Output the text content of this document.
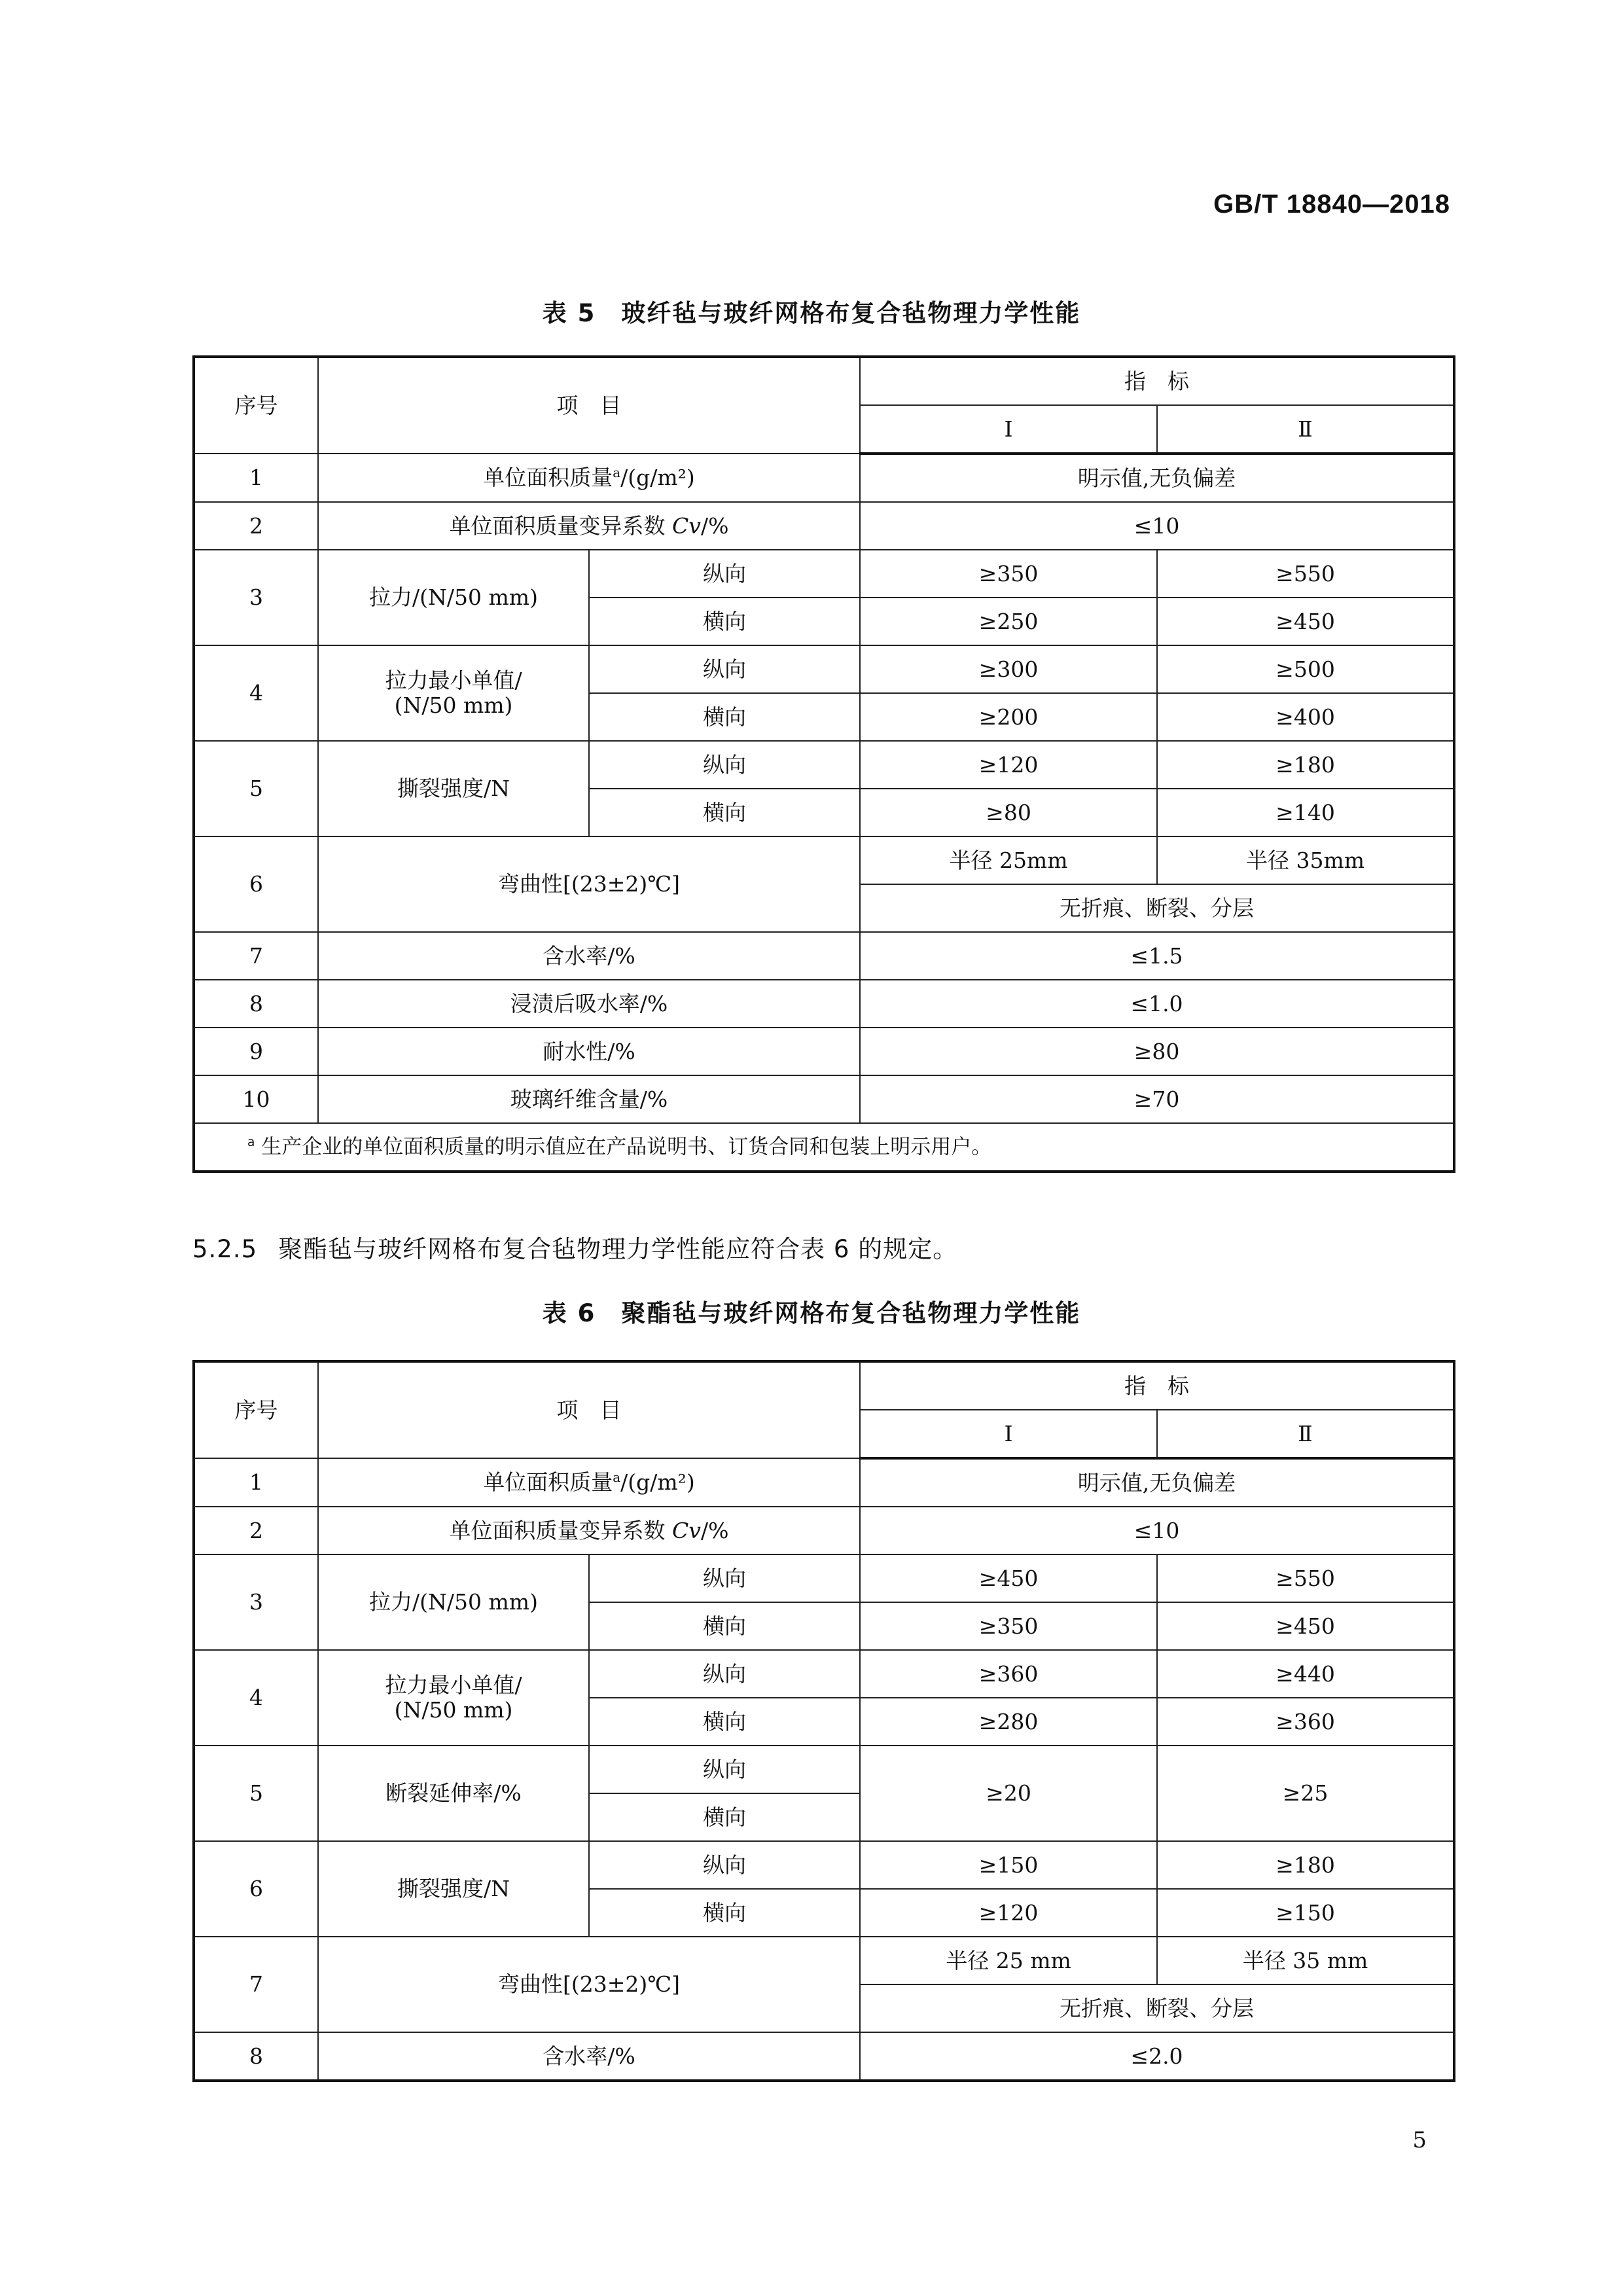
GB/T 18840—2018
表 5　玻纤毡与玻纤网格布复合毡物理力学性能
序号	项　目		指　标	
			Ⅰ	Ⅱ
1	单位面积质量$^a$/(g/m²)		明示值,无负偏差	
2	单位面积质量变异系数 Cv/%		≤10	
3	拉力/(N/50 mm)	纵向	≥350	≥550
		横向	≥250	≥450
4	拉力最小单值/
(N/50 mm)	纵向	≥300	≥500
		横向	≥200	≥400
5	撕裂强度/N	纵向	≥120	≥180
		横向	≥80	≥140
6	弯曲性[(23±2)℃]		半径 25mm	半径 35mm
			无折痕、断裂、分层	
7	含水率/%		≤1.5	
8	浸渍后吸水率/%		≤1.0	
9	耐水性/%		≥80	
10	玻璃纤维含量/%		≥70	
$^a$ 生产企业的单位面积质量的明示值应在产品说明书、订货合同和包装上明示用户。				
5.2.5 聚酯毡与玻纤网格布复合毡物理力学性能应符合表 6 的规定。
表 6　聚酯毡与玻纤网格布复合毡物理力学性能
序号	项　目		指　标	
			Ⅰ	Ⅱ
1	单位面积质量$^a$/(g/m²)		明示值,无负偏差	
2	单位面积质量变异系数 Cv/%		≤10	
3	拉力/(N/50 mm)	纵向	≥450	≥550
		横向	≥350	≥450
4	拉力最小单值/
(N/50 mm)	纵向	≥360	≥440
		横向	≥280	≥360
5	断裂延伸率/%	纵向	≥20	≥25
		横向		
6	撕裂强度/N	纵向	≥150	≥180
		横向	≥120	≥150
7	弯曲性[(23±2)℃]		半径 25 mm	半径 35 mm
			无折痕、断裂、分层	
8	含水率/%		≤2.0	
5
